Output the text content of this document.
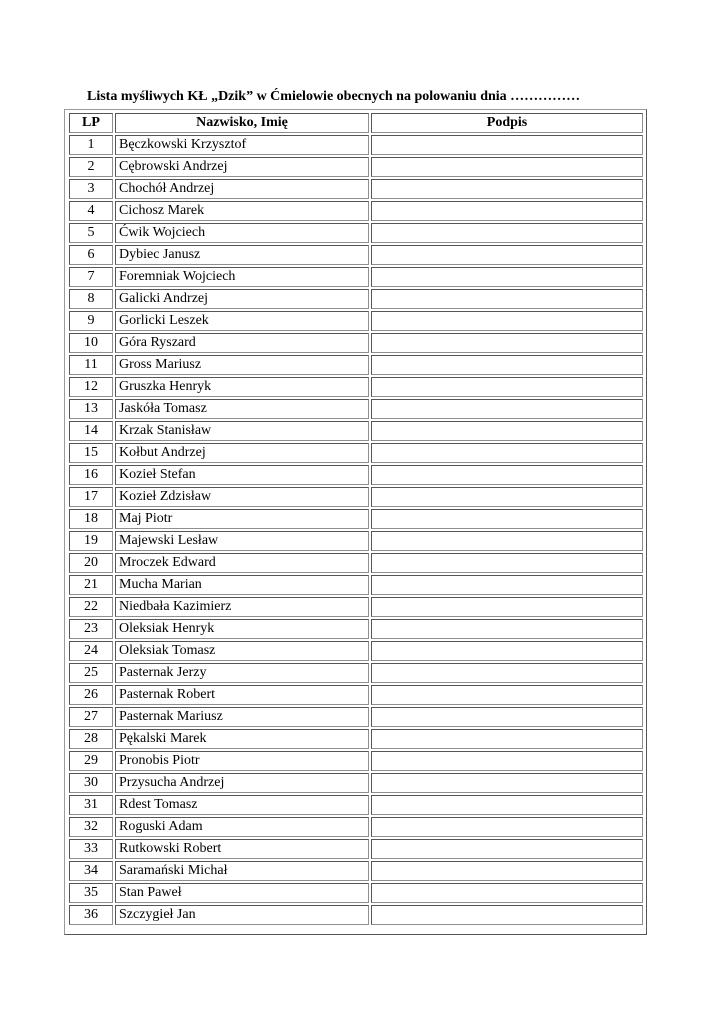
Lista myśliwych KŁ „Dzik” w Ćmielowie obecnych na polowaniu dnia ……………
LP	Nazwisko, Imię	Podpis
1	Bęczkowski Krzysztof	
2	Cębrowski Andrzej	
3	Chochół Andrzej	
4	Cichosz Marek	
5	Ćwik Wojciech	
6	Dybiec Janusz	
7	Foremniak Wojciech	
8	Galicki Andrzej	
9	Gorlicki Leszek	
10	Góra Ryszard	
11	Gross Mariusz	
12	Gruszka Henryk	
13	Jaskóła Tomasz	
14	Krzak Stanisław	
15	Kołbut Andrzej	
16	Kozieł Stefan	
17	Kozieł Zdzisław	
18	Maj Piotr	
19	Majewski Lesław	
20	Mroczek Edward	
21	Mucha Marian	
22	Niedbała Kazimierz	
23	Oleksiak Henryk	
24	Oleksiak Tomasz	
25	Pasternak Jerzy	
26	Pasternak Robert	
27	Pasternak Mariusz	
28	Pękalski Marek	
29	Pronobis Piotr	
30	Przysucha Andrzej	
31	Rdest Tomasz	
32	Roguski Adam	
33	Rutkowski Robert	
34	Saramański Michał	
35	Stan Paweł	
36	Szczygieł Jan	
